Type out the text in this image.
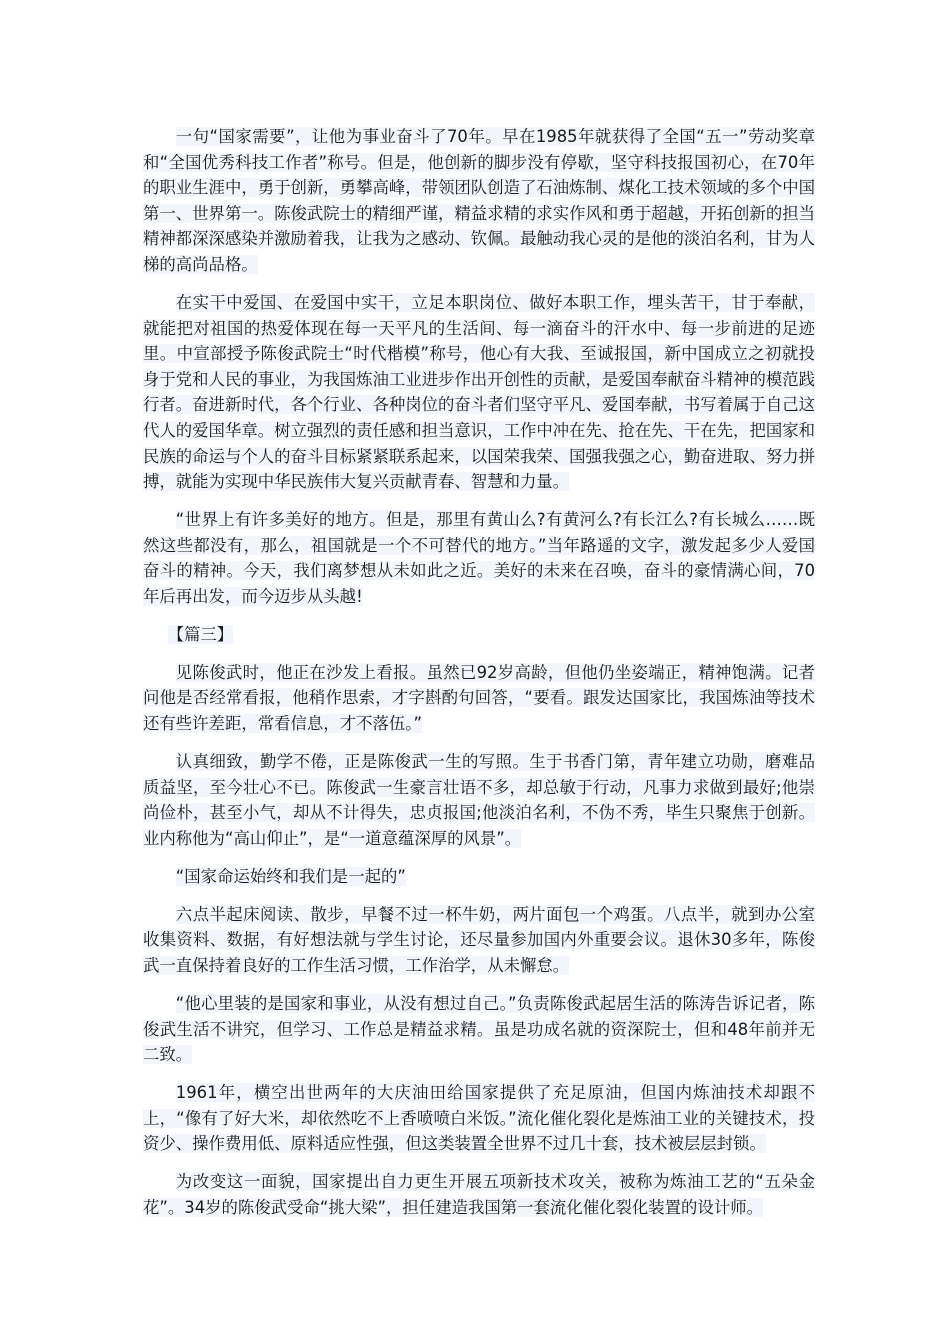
一句“国家需要”，让他为事业奋斗了70年。早在1985年就获得了全国“五一”劳动奖章和“全国优秀科技工作者”称号。但是，他创新的脚步没有停歇，坚守科技报国初心，在70年的职业生涯中，勇于创新，勇攀高峰，带领团队创造了石油炼制、煤化工技术领域的多个中国第一、世界第一。陈俊武院士的精细严谨，精益求精的求实作风和勇于超越，开拓创新的担当精神都深深感染并激励着我，让我为之感动、钦佩。最触动我心灵的是他的淡泊名利，甘为人梯的高尚品格。

在实干中爱国、在爱国中实干，立足本职岗位、做好本职工作，埋头苦干，甘于奉献，就能把对祖国的热爱体现在每一天平凡的生活间、每一滴奋斗的汗水中、每一步前进的足迹里。中宣部授予陈俊武院士“时代楷模”称号，他心有大我、至诚报国，新中国成立之初就投身于党和人民的事业，为我国炼油工业进步作出开创性的贡献，是爱国奉献奋斗精神的模范践行者。奋进新时代，各个行业、各种岗位的奋斗者们坚守平凡、爱国奉献，书写着属于自己这代人的爱国华章。树立强烈的责任感和担当意识，工作中冲在先、抢在先、干在先，把国家和民族的命运与个人的奋斗目标紧紧联系起来，以国荣我荣、国强我强之心，勤奋进取、努力拼搏，就能为实现中华民族伟大复兴贡献青春、智慧和力量。

“世界上有许多美好的地方。但是，那里有黄山么?有黄河么?有长江么?有长城么……既然这些都没有，那么，祖国就是一个不可替代的地方。”当年路遥的文字，激发起多少人爱国奋斗的精神。今天，我们离梦想从未如此之近。美好的未来在召唤，奋斗的豪情满心间，70年后再出发，而今迈步从头越!

【篇三】

见陈俊武时，他正在沙发上看报。虽然已92岁高龄，但他仍坐姿端正，精神饱满。记者问他是否经常看报，他稍作思索，才字斟酌句回答，“要看。跟发达国家比，我国炼油等技术还有些许差距，常看信息，才不落伍。”

认真细致，勤学不倦，正是陈俊武一生的写照。生于书香门第，青年建立功勋，磨难品质益坚，至今壮心不已。陈俊武一生豪言壮语不多，却总敏于行动，凡事力求做到最好;他崇尚俭朴，甚至小气，却从不计得失，忠贞报国;他淡泊名利，不伪不秀，毕生只聚焦于创新。业内称他为“高山仰止”，是“一道意蕴深厚的风景”。

“国家命运始终和我们是一起的”

六点半起床阅读、散步，早餐不过一杯牛奶，两片面包一个鸡蛋。八点半，就到办公室收集资料、数据，有好想法就与学生讨论，还尽量参加国内外重要会议。退休30多年，陈俊武一直保持着良好的工作生活习惯，工作治学，从未懈怠。

“他心里装的是国家和事业，从没有想过自己。”负责陈俊武起居生活的陈涛告诉记者，陈俊武生活不讲究，但学习、工作总是精益求精。虽是功成名就的资深院士，但和48年前并无二致。

1961年，横空出世两年的大庆油田给国家提供了充足原油，但国内炼油技术却跟不上，“像有了好大米，却依然吃不上香喷喷白米饭。”流化催化裂化是炼油工业的关键技术，投资少、操作费用低、原料适应性强，但这类装置全世界不过几十套，技术被层层封锁。

为改变这一面貌，国家提出自力更生开展五项新技术攻关，被称为炼油工艺的“五朵金花”。34岁的陈俊武受命“挑大梁”，担任建造我国第一套流化催化裂化装置的设计师。
